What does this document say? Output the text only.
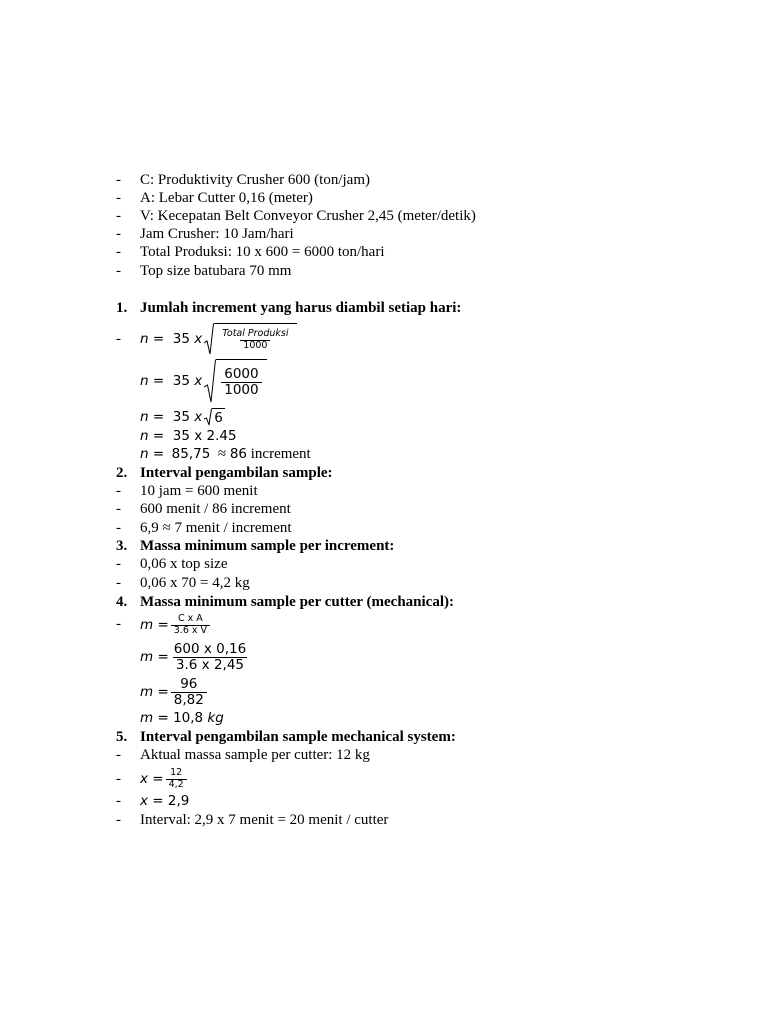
- C: Produktivity Crusher 600 (ton/jam)
- A: Lebar Cutter 0,16 (meter)
- V: Kecepatan Belt Conveyor Crusher 2,45 (meter/detik)
- Jam Crusher: 10 Jam/hari
- Total Produksi: 10 x 600 = 6000 ton/hari
- Top size batubara 70 mm
1. Jumlah increment yang harus diambil setiap hari:
- n =
35
x $\frac{\text{Total Produksi}}{1000}$
n =
35
x $\frac{6000}{1000}$
n =
35
x 6
n = 35 x 2.45
n = 85,75 ≈ 86 increment
2. Interval pengambilan sample:
- 10 jam = 600 menit
- 600 menit / 86 increment
- 6,9 ≈ 7 menit / increment
3. Massa minimum sample per increment:
- 0,06 x top size
- 0,06 x 70 = 4,2 kg
4. Massa minimum sample per cutter (mechanical):
- $m = \frac{\text{C x A}}{\text{3.6 x V}}$
$m = \frac{600 x 0,16}{3.6 x 2,45}$
$m = \frac{96}{8,82}$
m = 10,8 kg
5. Interval pengambilan sample mechanical system:
- Aktual massa sample per cutter: 12 kg
- $x = \frac{12}{4,2}$
- x = 2,9
- Interval: 2,9 x 7 menit = 20 menit / cutter
